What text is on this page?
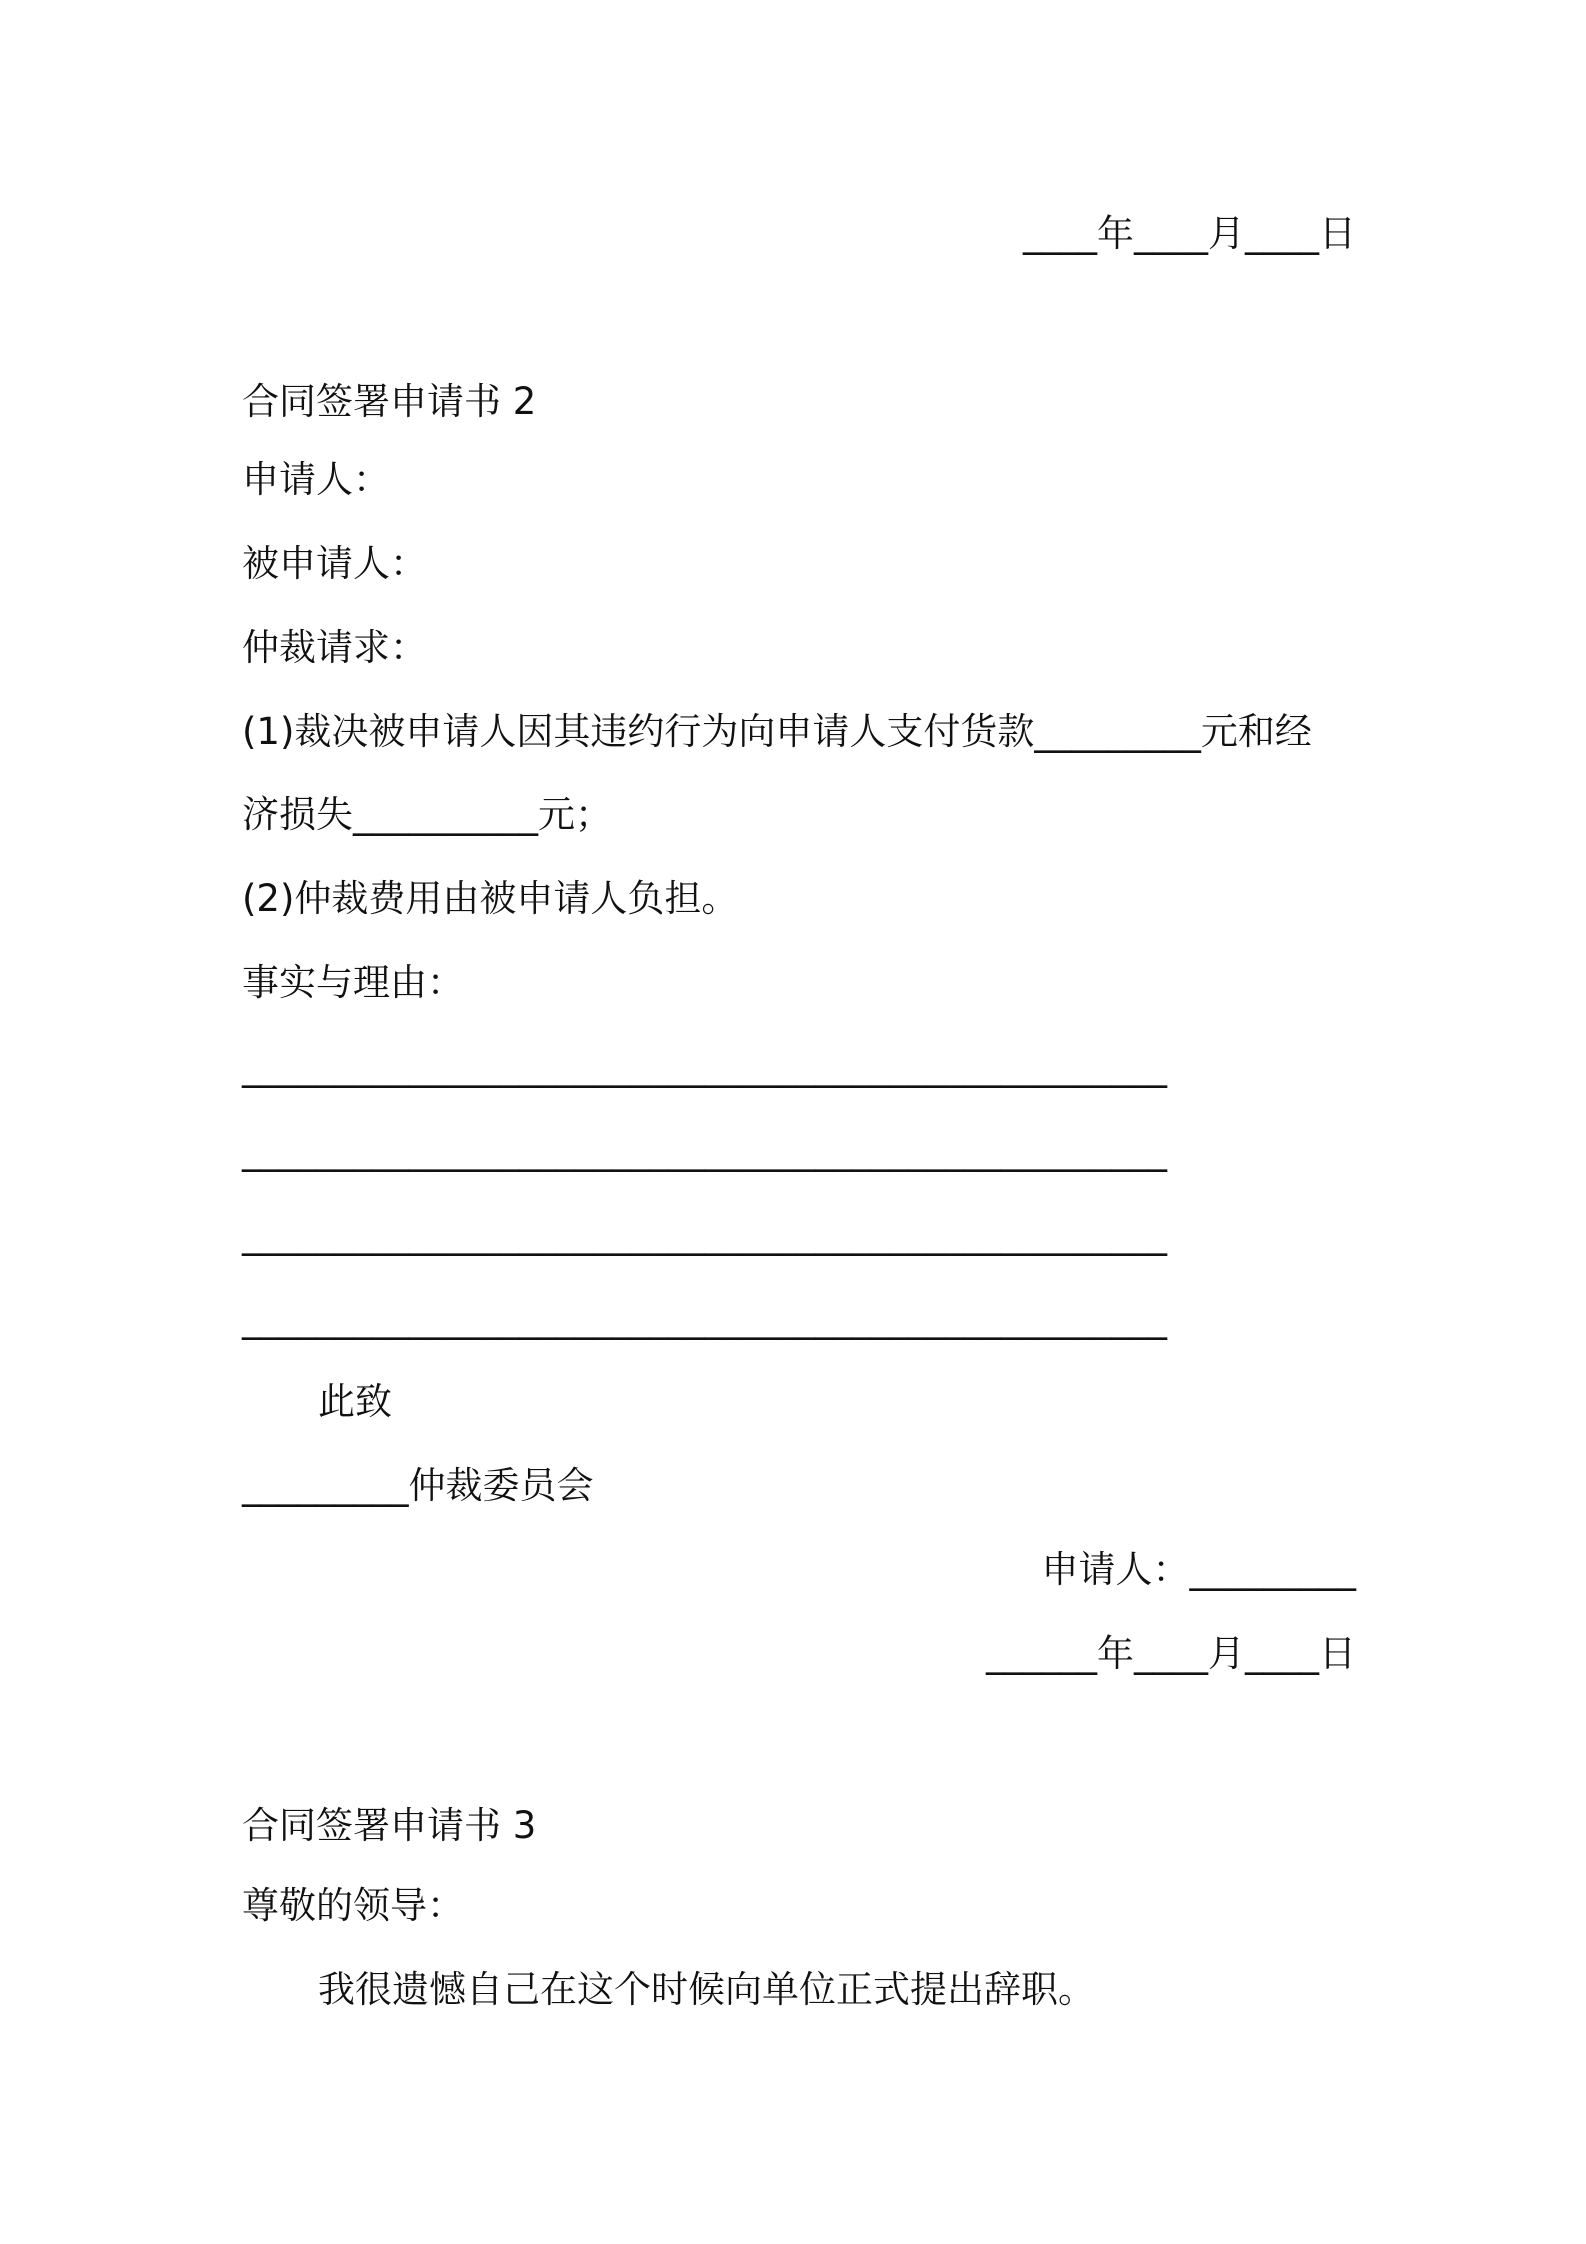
____年____月____日
合同签署申请书 2
申请人：
被申请人：
仲裁请求：
(1)裁决被申请人因其违约行为向申请人支付货款_________元和经
济损失__________元；
(2)仲裁费用由被申请人负担。
事实与理由：
__________________________________________________
__________________________________________________
__________________________________________________
__________________________________________________
此致
_________仲裁委员会
申请人：_________
______年____月____日
合同签署申请书 3
尊敬的领导：
我很遗憾自己在这个时候向单位正式提出辞职。
